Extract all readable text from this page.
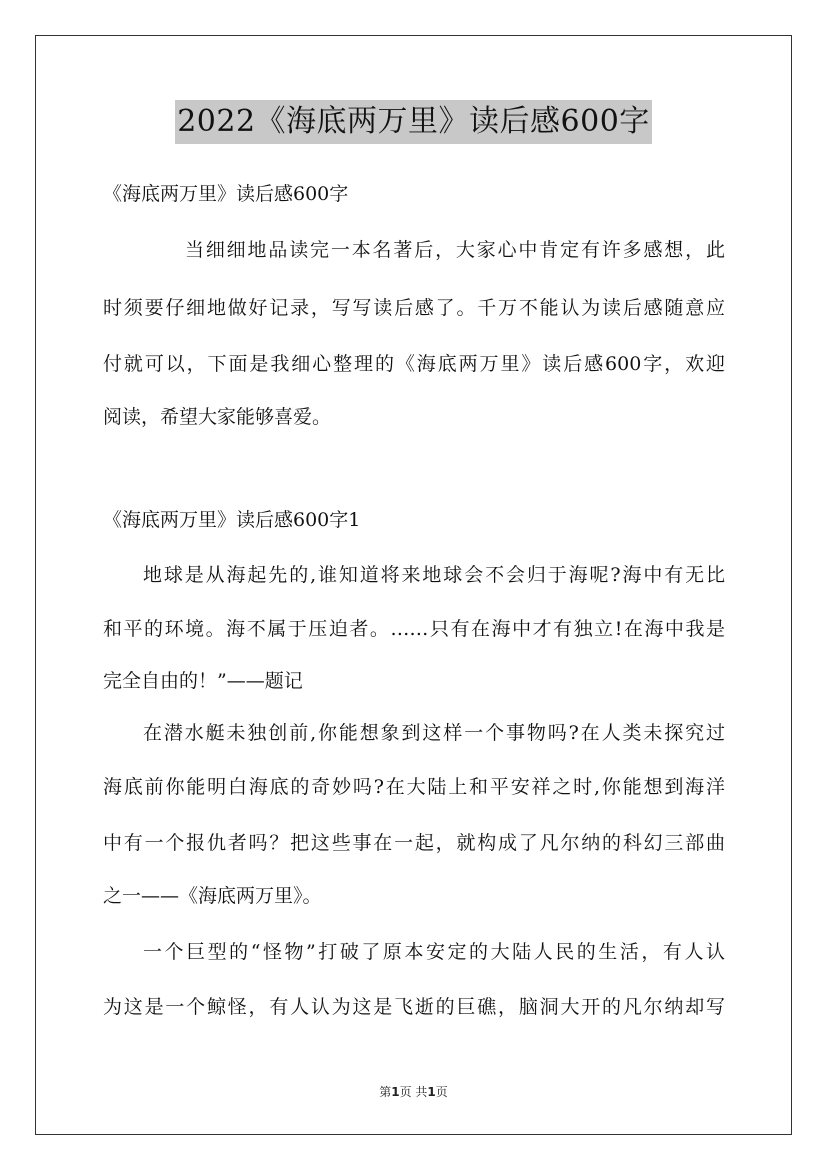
2022《海底两万里》读后感600字
《海底两万里》读后感600字
当细细地品读完一本名著后，大家心中肯定有许多感想，此
时须要仔细地做好记录，写写读后感了。千万不能认为读后感随意应
付就可以，下面是我细心整理的《海底两万里》读后感600字，欢迎
阅读，希望大家能够喜爱。
《海底两万里》读后感600字1
地球是从海起先的,谁知道将来地球会不会归于海呢?海中有无比
和平的环境。海不属于压迫者。……只有在海中才有独立!在海中我是
完全自由的！”——题记
在潜水艇未独创前,你能想象到这样一个事物吗?在人类未探究过
海底前你能明白海底的奇妙吗?在大陆上和平安祥之时,你能想到海洋
中有一个报仇者吗？把这些事在一起，就构成了凡尔纳的科幻三部曲
之一——《海底两万里》。
一个巨型的“怪物”打破了原本安定的大陆人民的生活，有人认
为这是一个鲸怪，有人认为这是飞逝的巨礁，脑洞大开的凡尔纳却写
第1页 共1页
